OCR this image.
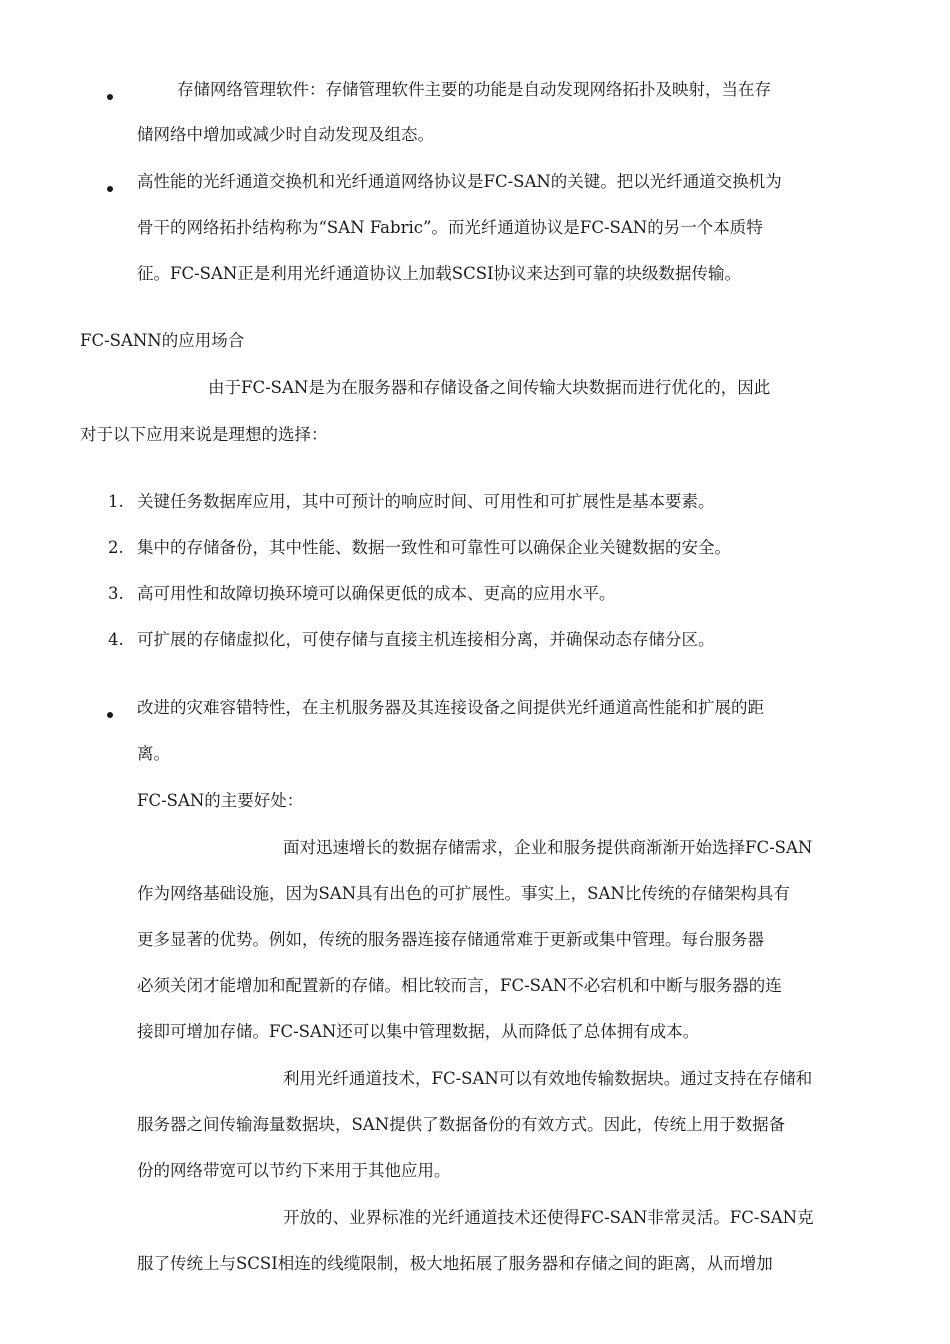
存储网络管理软件：存储管理软件主要的功能是自动发现网络拓扑及映射，当在存
储网络中增加或减少时自动发现及组态。
高性能的光纤通道交换机和光纤通道网络协议是FC-SAN的关键。把以光纤通道交换机为
骨干的网络拓扑结构称为“SAN Fabric”。而光纤通道协议是FC-SAN的另一个本质特
征。FC-SAN正是利用光纤通道协议上加载SCSI协议来达到可靠的块级数据传输。
FC-SANN的应用场合
由于FC-SAN是为在服务器和存储设备之间传输大块数据而进行优化的，因此
对于以下应用来说是理想的选择：
1. 关键任务数据库应用，其中可预计的响应时间、可用性和可扩展性是基本要素。
2. 集中的存储备份，其中性能、数据一致性和可靠性可以确保企业关键数据的安全。
3. 高可用性和故障切换环境可以确保更低的成本、更高的应用水平。
4. 可扩展的存储虚拟化，可使存储与直接主机连接相分离，并确保动态存储分区。
改进的灾难容错特性，在主机服务器及其连接设备之间提供光纤通道高性能和扩展的距
离。
FC-SAN的主要好处：
面对迅速增长的数据存储需求，企业和服务提供商渐渐开始选择FC-SAN
作为网络基础设施，因为SAN具有出色的可扩展性。事实上，SAN比传统的存储架构具有
更多显著的优势。例如，传统的服务器连接存储通常难于更新或集中管理。每台服务器
必须关闭才能增加和配置新的存储。相比较而言，FC-SAN不必宕机和中断与服务器的连
接即可增加存储。FC-SAN还可以集中管理数据，从而降低了总体拥有成本。
利用光纤通道技术，FC-SAN可以有效地传输数据块。通过支持在存储和
服务器之间传输海量数据块，SAN提供了数据备份的有效方式。因此，传统上用于数据备
份的网络带宽可以节约下来用于其他应用。
开放的、业界标准的光纤通道技术还使得FC-SAN非常灵活。FC-SAN克
服了传统上与SCSI相连的线缆限制，极大地拓展了服务器和存储之间的距离，从而增加
